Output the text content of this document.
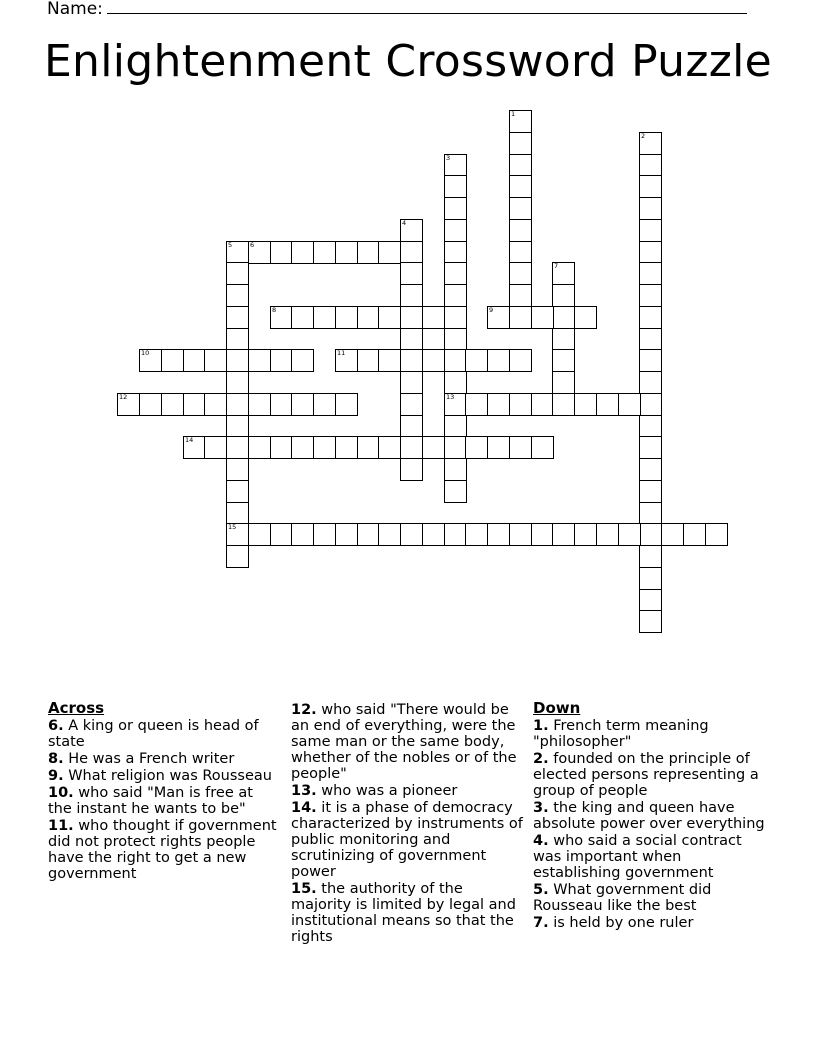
Name:
Enlightenment Crossword Puzzle
1
2
3
13
4
5
15
6
7
8	9
10	11
12
14
Across
6. A king or queen is head of state
8. He was a French writer
9. What religion was Rousseau
10. who said "Man is free at the instant he wants to be"
11. who thought if government did not protect rights people have the right to get a new government
12. who said "There would be an end of everything, were the same man or the same body, whether of the nobles or of the people"
13. who was a pioneer
14. it is a phase of democracy characterized by instruments of public monitoring and scrutinizing of government power
15. the authority of the majority is limited by legal and institutional means so that the rights
Down
1. French term meaning "philosopher"
2. founded on the principle of elected persons representing a group of people
3. the king and queen have absolute power over everything
4. who said a social contract was important when establishing government
5. What government did Rousseau like the best
7. is held by one ruler
